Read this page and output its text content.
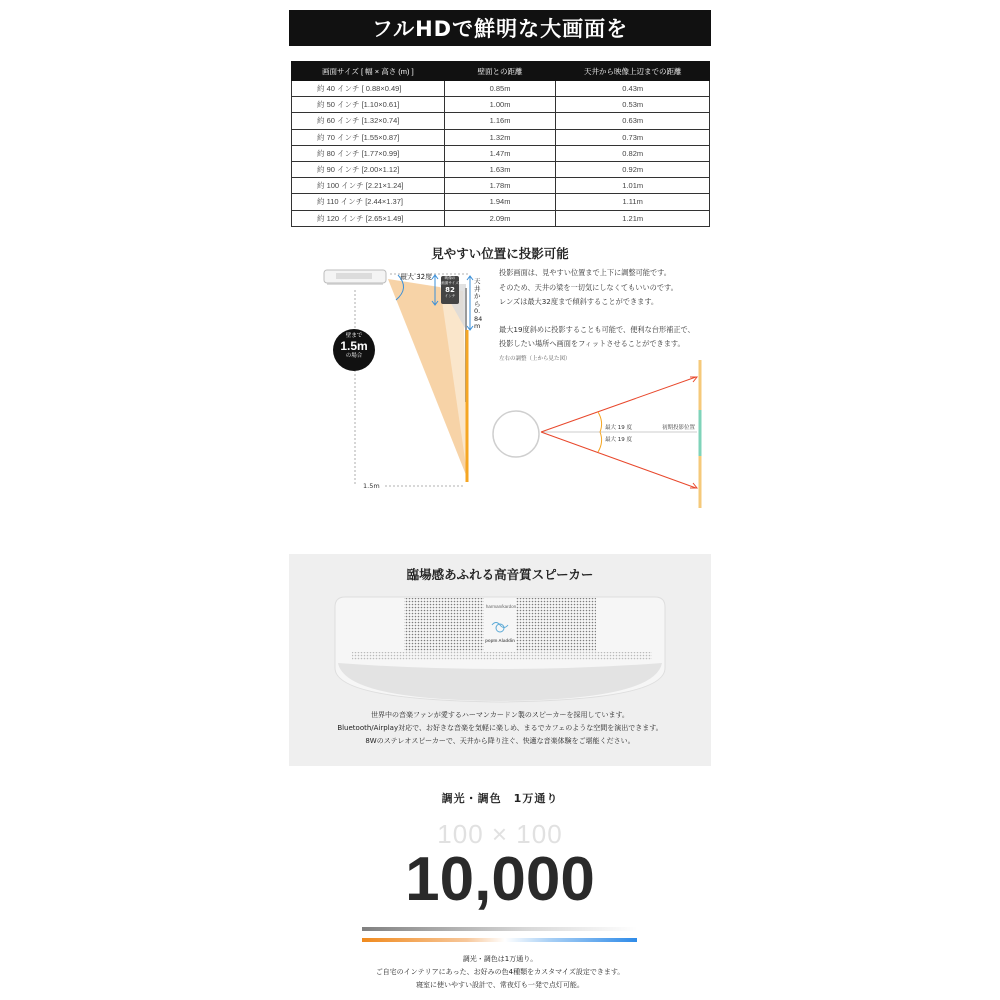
フルHDで鮮明な大画面を
画面サイズ [ 幅 × 高さ (m) ]	壁面との距離	天井から映像上辺までの距離
約 40 インチ [ 0.88×0.49]	0.85m	0.43m
約 50 インチ [1.10×0.61]	1.00m	0.53m
約 60 インチ [1.32×0.74]	1.16m	0.63m
約 70 インチ [1.55×0.87]	1.32m	0.73m
約 80 インチ [1.77×0.99]	1.47m	0.82m
約 90 インチ [2.00×1.12]	1.63m	0.92m
約 100 インチ [2.21×1.24]	1.78m	1.01m
約 110 インチ [2.44×1.37]	1.94m	1.11m
約 120 インチ [2.65×1.49]	2.09m	1.21m
見やすい位置に投影可能
最大 32度	映像の
画面サイズ
82
インチ
天井から0.84m
壁まで
1.5m
の場合
1.5m

投影画面は、見やすい位置まで上下に調整可能です。
そのため、天井の梁を一切気にしなくてもいいのです。
レンズは最大32度まで傾斜することができます。

最大19度斜めに投影することも可能で、便利な台形補正で、
投影したい場所へ画面をフィットさせることができます。

左右の調整（上から見た図）
最大 19 度
最大 19 度
初期投影位置
臨場感あふれる高音質スピーカー
harman/kardon
popIn Aladdin
世界中の音楽ファンが愛するハーマンカードン製のスピーカーを採用しています。
Bluetooth/Airplay対応で、お好きな音楽を気軽に楽しめ、まるでカフェのような空間を演出できます。
8Wのステレオスピーカーで、天井から降り注ぐ、快適な音楽体験をご堪能ください。
調光・調色　1万通り
100 × 100
10,000
調光・調色は1万通り。
ご自宅のインテリアにあった、お好みの色4種類をカスタマイズ設定できます。
寝室に使いやすい設計で、常夜灯も一発で点灯可能。
